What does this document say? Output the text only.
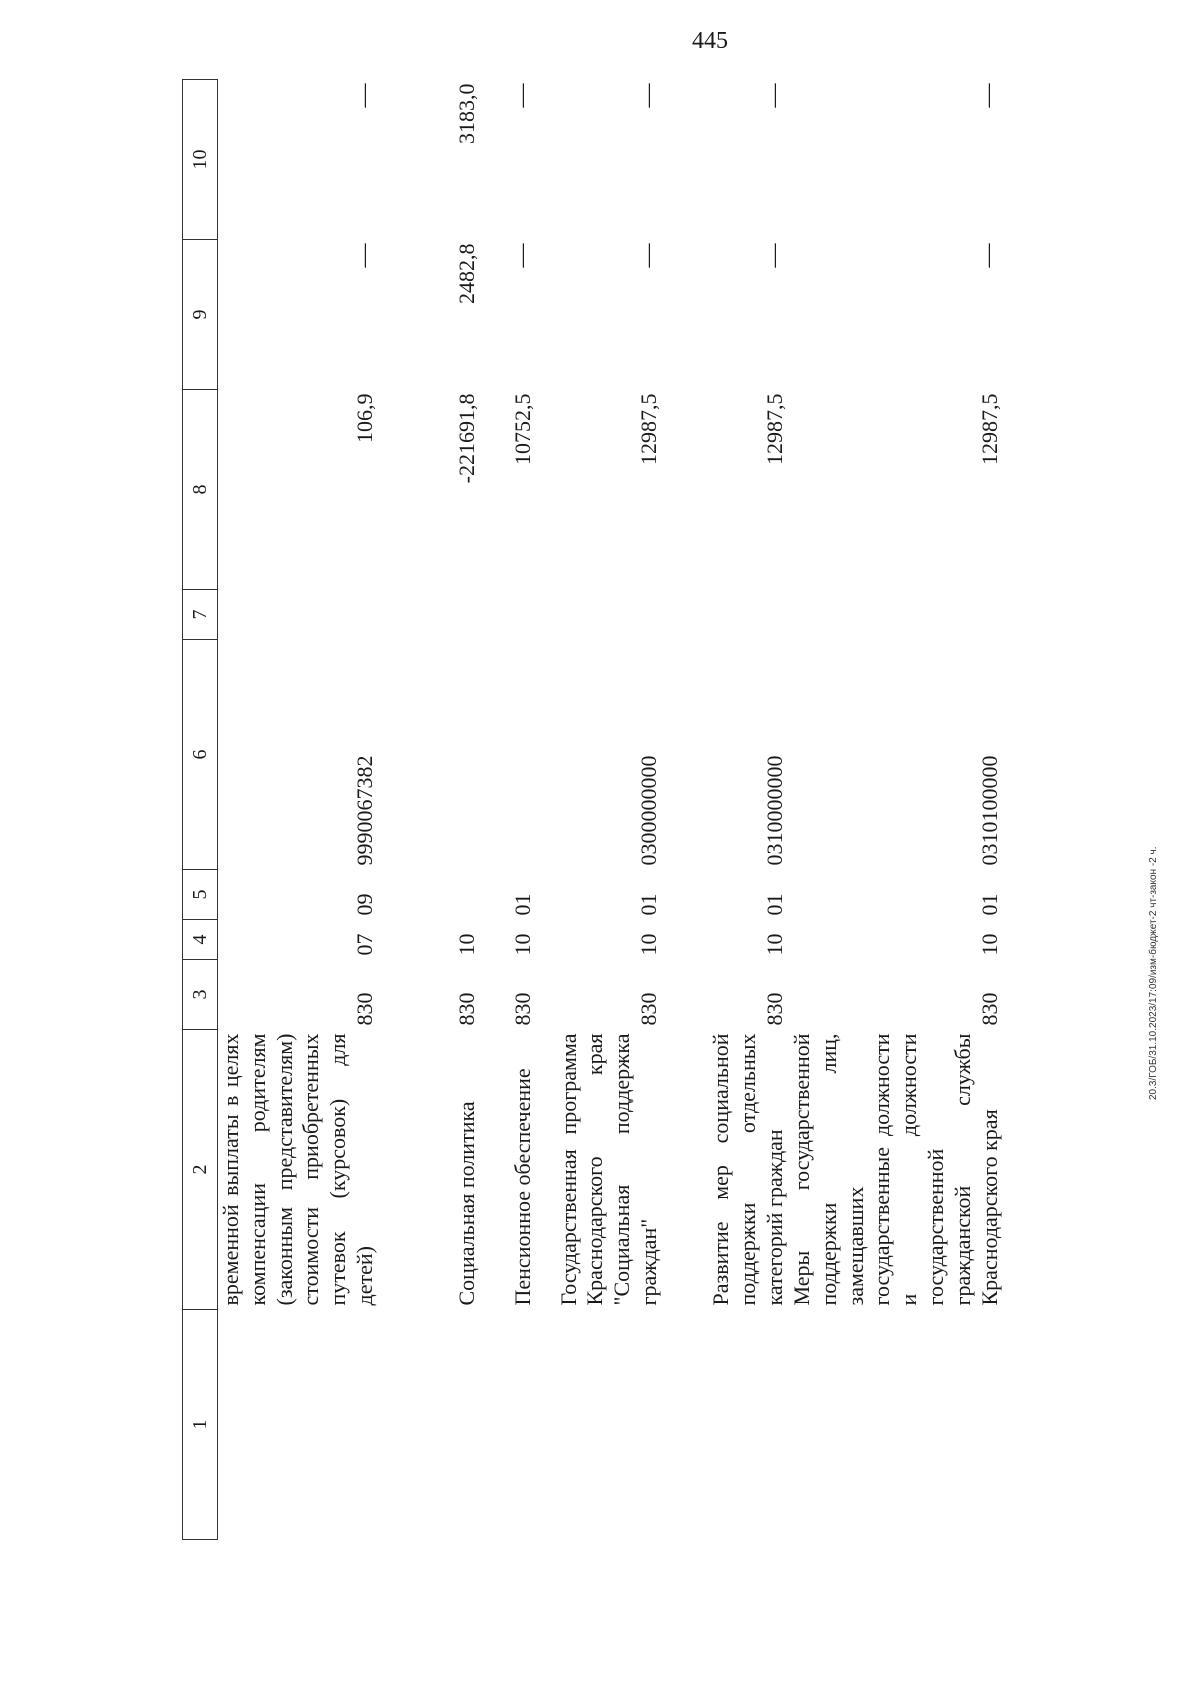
445
20.3/ГОБ/31.10.2023/17:09/изм-бюджет-2 чт-закон -2 ч.
1	2	3	4	5	6	7	8	9	10
	временной выплаты в целях компенсации родителям (законным представителям) стоимости приобретенных путевок (курсовок) для детей)	830	07	09	9990067382		106,9	—	—
	Социальная политика	830	10				-221691,8	2482,8	3183,0
	Пенсионное обеспечение	830	10	01			10752,5	—	—
	Государственная программа Краснодарского края "Социальная поддержка граждан"	830	10	01	0300000000		12987,5	—	—
	Развитие мер социальной поддержки отдельных категорий граждан	830	10	01	0310000000		12987,5	—	—
	Меры государственной поддержки лиц, замещавших государственные должности и должности государственной гражданской службы Краснодарского края	830	10	01	0310100000		12987,5	—	—
